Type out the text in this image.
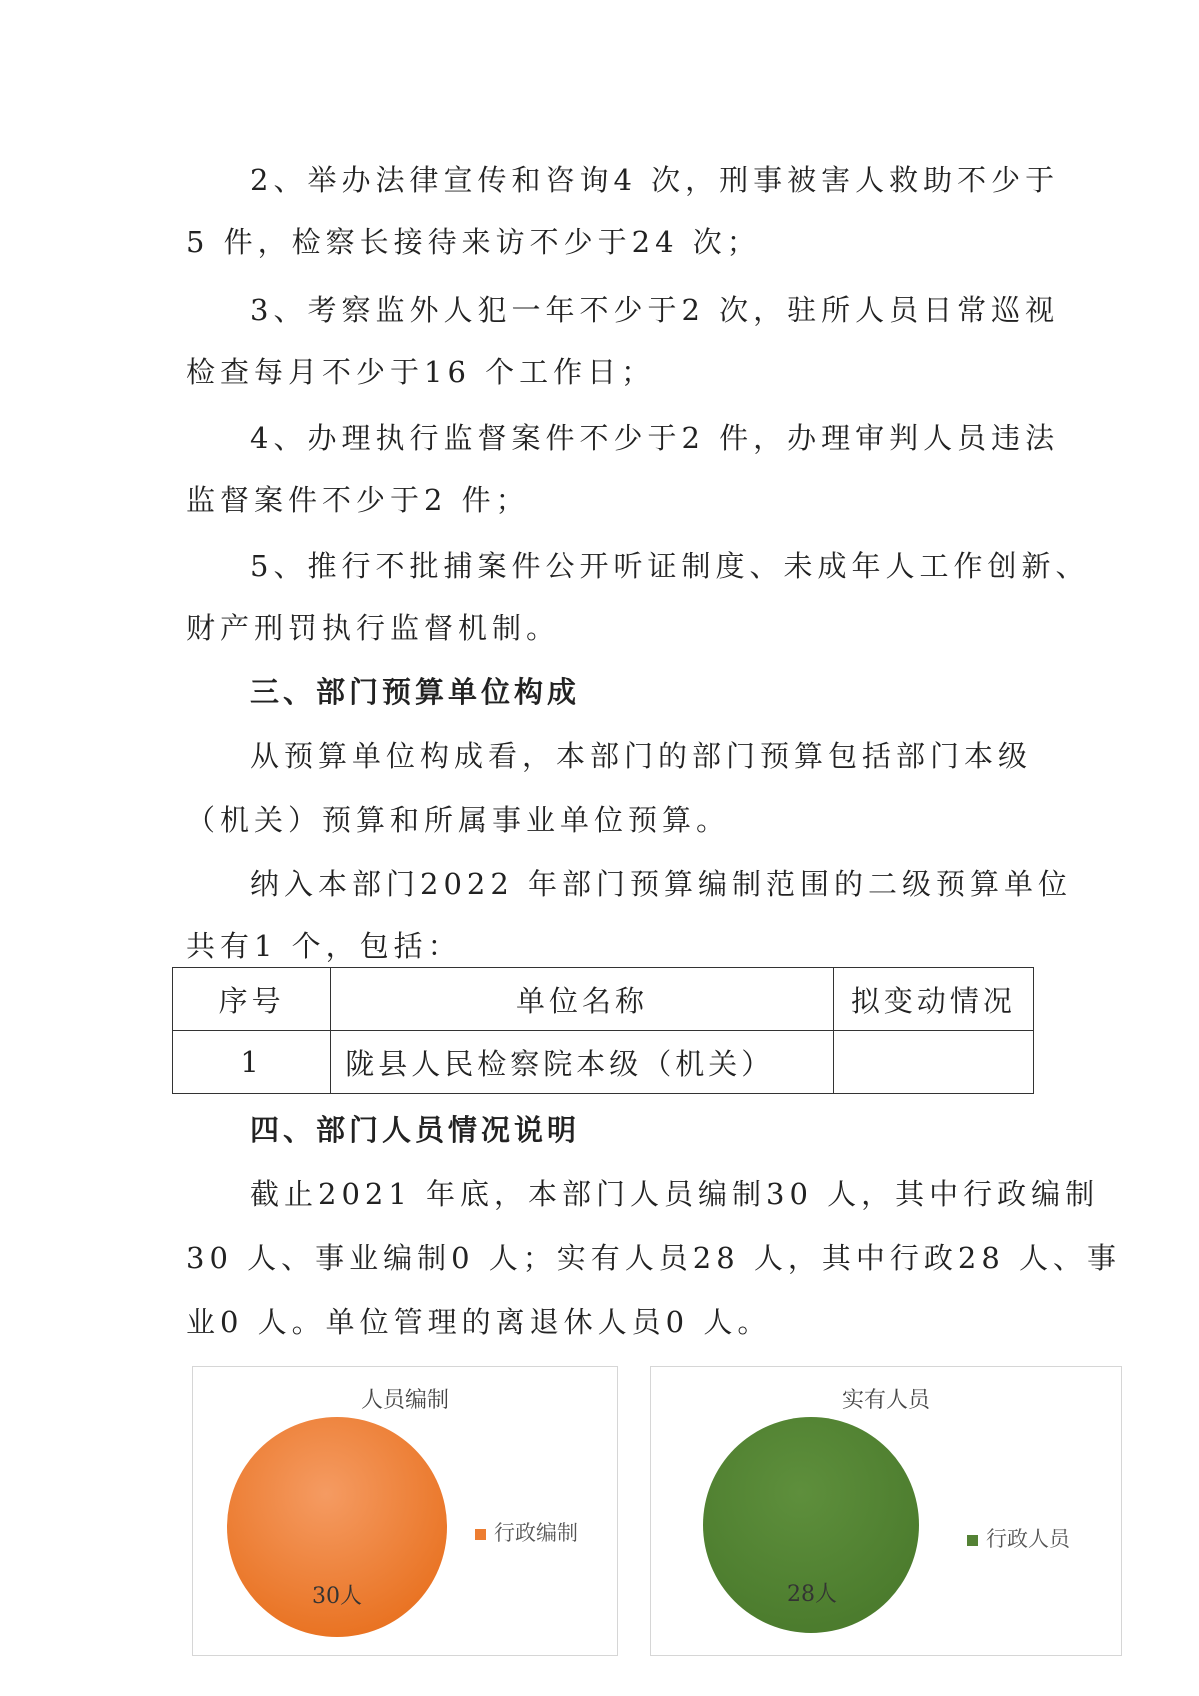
2、举办法律宣传和咨询4 次，刑事被害人救助不少于
5 件，检察长接待来访不少于24 次；
3、考察监外人犯一年不少于2 次，驻所人员日常巡视
检查每月不少于16 个工作日；
4、办理执行监督案件不少于2 件，办理审判人员违法
监督案件不少于2 件；
5、推行不批捕案件公开听证制度、未成年人工作创新、
财产刑罚执行监督机制。
三、部门预算单位构成
从预算单位构成看，本部门的部门预算包括部门本级
（机关）预算和所属事业单位预算。
纳入本部门2022 年部门预算编制范围的二级预算单位
共有1 个，包括：
序号	单位名称	拟变动情况
1	陇县人民检察院本级（机关）	
四、部门人员情况说明
截止2021 年底，本部门人员编制30 人，其中行政编制
30 人、事业编制0 人；实有人员28 人，其中行政28 人、事
业0 人。单位管理的离退休人员0 人。
人员编制
30人
行政编制
实有人员
28人
行政人员
